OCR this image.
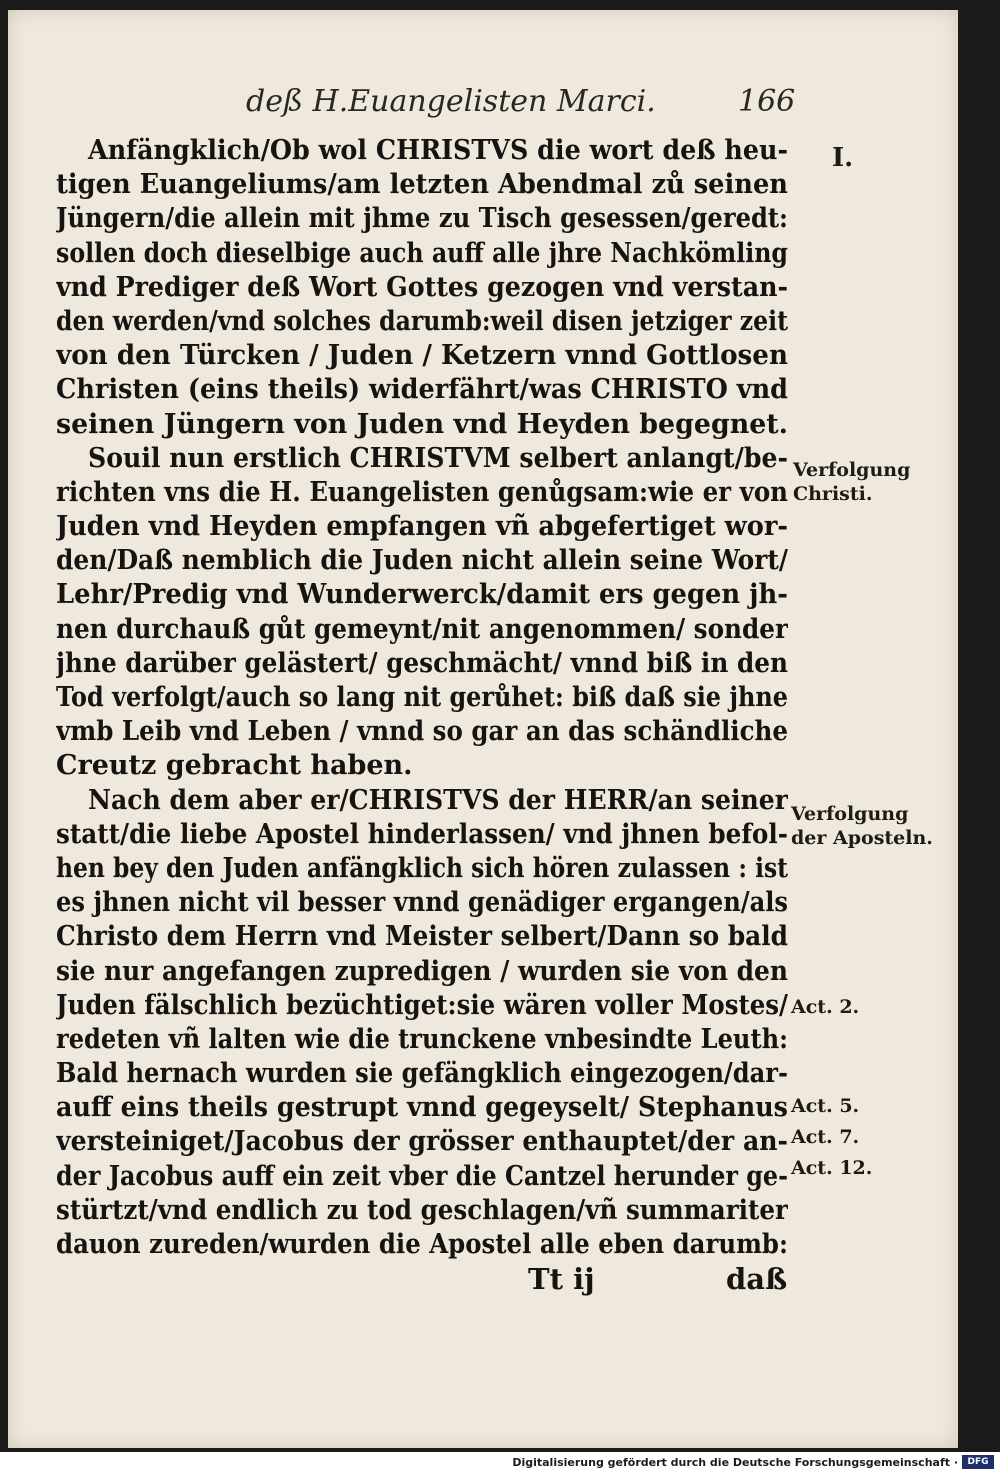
deß H.Euangelisten Marci.	166
Anfängklich/Ob wol CHRISTVS die wort deß heu-
tigen Euangeliums/am letzten Abendmal zů seinen
Jüngern/die allein mit jhme zu Tisch gesessen/geredt:
sollen doch dieselbige auch auff alle jhre Nachkömling
vnd Prediger deß Wort Gottes gezogen vnd verstan-
den werden/vnd solches darumb:weil disen jetziger zeit
von den Türcken / Juden / Ketzern vnnd Gottlosen
Christen (eins theils) widerfährt/was CHRISTO vnd
seinen Jüngern von Juden vnd Heyden begegnet.
Souil nun erstlich CHRISTVM selbert anlangt/be-
richten vns die H. Euangelisten genůgsam:wie er von
Juden vnd Heyden empfangen vñ abgefertiget wor-
den/Daß nemblich die Juden nicht allein seine Wort/
Lehr/Predig vnd Wunderwerck/damit ers gegen jh-
nen durchauß gůt gemeynt/nit angenommen/ sonder
jhne darüber gelästert/ geschmächt/ vnnd biß in den
Tod verfolgt/auch so lang nit gerůhet: biß daß sie jhne
vmb Leib vnd Leben / vnnd so gar an das schändliche
Creutz gebracht haben.
Nach dem aber er/CHRISTVS der HERR/an seiner
statt/die liebe Apostel hinderlassen/ vnd jhnen befol-
hen bey den Juden anfängklich sich hören zulassen : ist
es jhnen nicht vil besser vnnd genädiger ergangen/als
Christo dem Herrn vnd Meister selbert/Dann so bald
sie nur angefangen zupredigen / wurden sie von den
Juden fälschlich bezüchtiget:sie wären voller Mostes/
redeten vñ lalten wie die trunckene vnbesindte Leuth:
Bald hernach wurden sie gefängklich eingezogen/dar-
auff eins theils gestrupt vnnd gegeyselt/ Stephanus
versteiniget/Jacobus der grösser enthauptet/der an-
der Jacobus auff ein zeit vber die Cantzel herunder ge-
stürtzt/vnd endlich zu tod geschlagen/vñ summariter
dauon zureden/wurden die Apostel alle eben darumb:
I.
Verfolgung
Christi.
Verfolgung
der Aposteln.
Act. 2.
Act. 5.
Act. 7.
Act. 12.
Tt ij	daß
Digitalisierung gefördert durch die Deutsche Forschungsgemeinschaft ·	DFG
